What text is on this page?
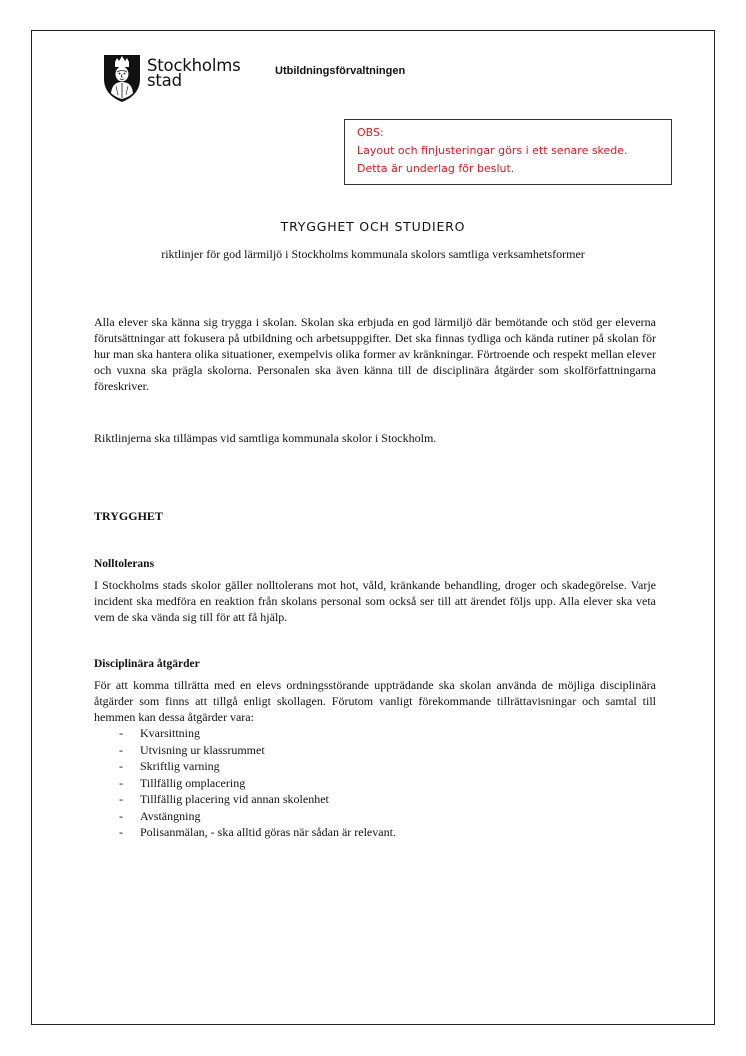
Stockholms
stad	Utbildningsförvaltningen
OBS:
Layout och finjusteringar görs i ett senare skede.
Detta är underlag för beslut.
TRYGGHET OCH STUDIERO
riktlinjer för god lärmiljö i Stockholms kommunala skolors samtliga verksamhetsformer

Alla elever ska känna sig trygga i skolan. Skolan ska erbjuda en god lärmiljö där bemötande och stöd ger eleverna förutsättningar att fokusera på utbildning och arbetsuppgifter. Det ska finnas tydliga och kända rutiner på skolan för hur man ska hantera olika situationer, exempelvis olika former av kränkningar. Förtroende och respekt mellan elever och vuxna ska prägla skolorna. Personalen ska även känna till de disciplinära åtgärder som skolförfattningarna föreskriver.

Riktlinjerna ska tillämpas vid samtliga kommunala skolor i Stockholm.

TRYGGHET
Nolltolerans

I Stockholms stads skolor gäller nolltolerans mot hot, våld, kränkande behandling, droger och skadegörelse. Varje incident ska medföra en reaktion från skolans personal som också ser till att ärendet följs upp. Alla elever ska veta vem de ska vända sig till för att få hjälp.

Disciplinära åtgärder

För att komma tillrätta med en elevs ordningsstörande uppträdande ska skolan använda de möjliga disciplinära åtgärder som finns att tillgå enligt skollagen. Förutom vanligt förekommande tillrättavisningar och samtal till hemmen kan dessa åtgärder vara:

- Kvarsittning
- Utvisning ur klassrummet
- Skriftlig varning
- Tillfällig omplacering
- Tillfällig placering vid annan skolenhet
- Avstängning
- Polisanmälan, - ska alltid göras när sådan är relevant.
